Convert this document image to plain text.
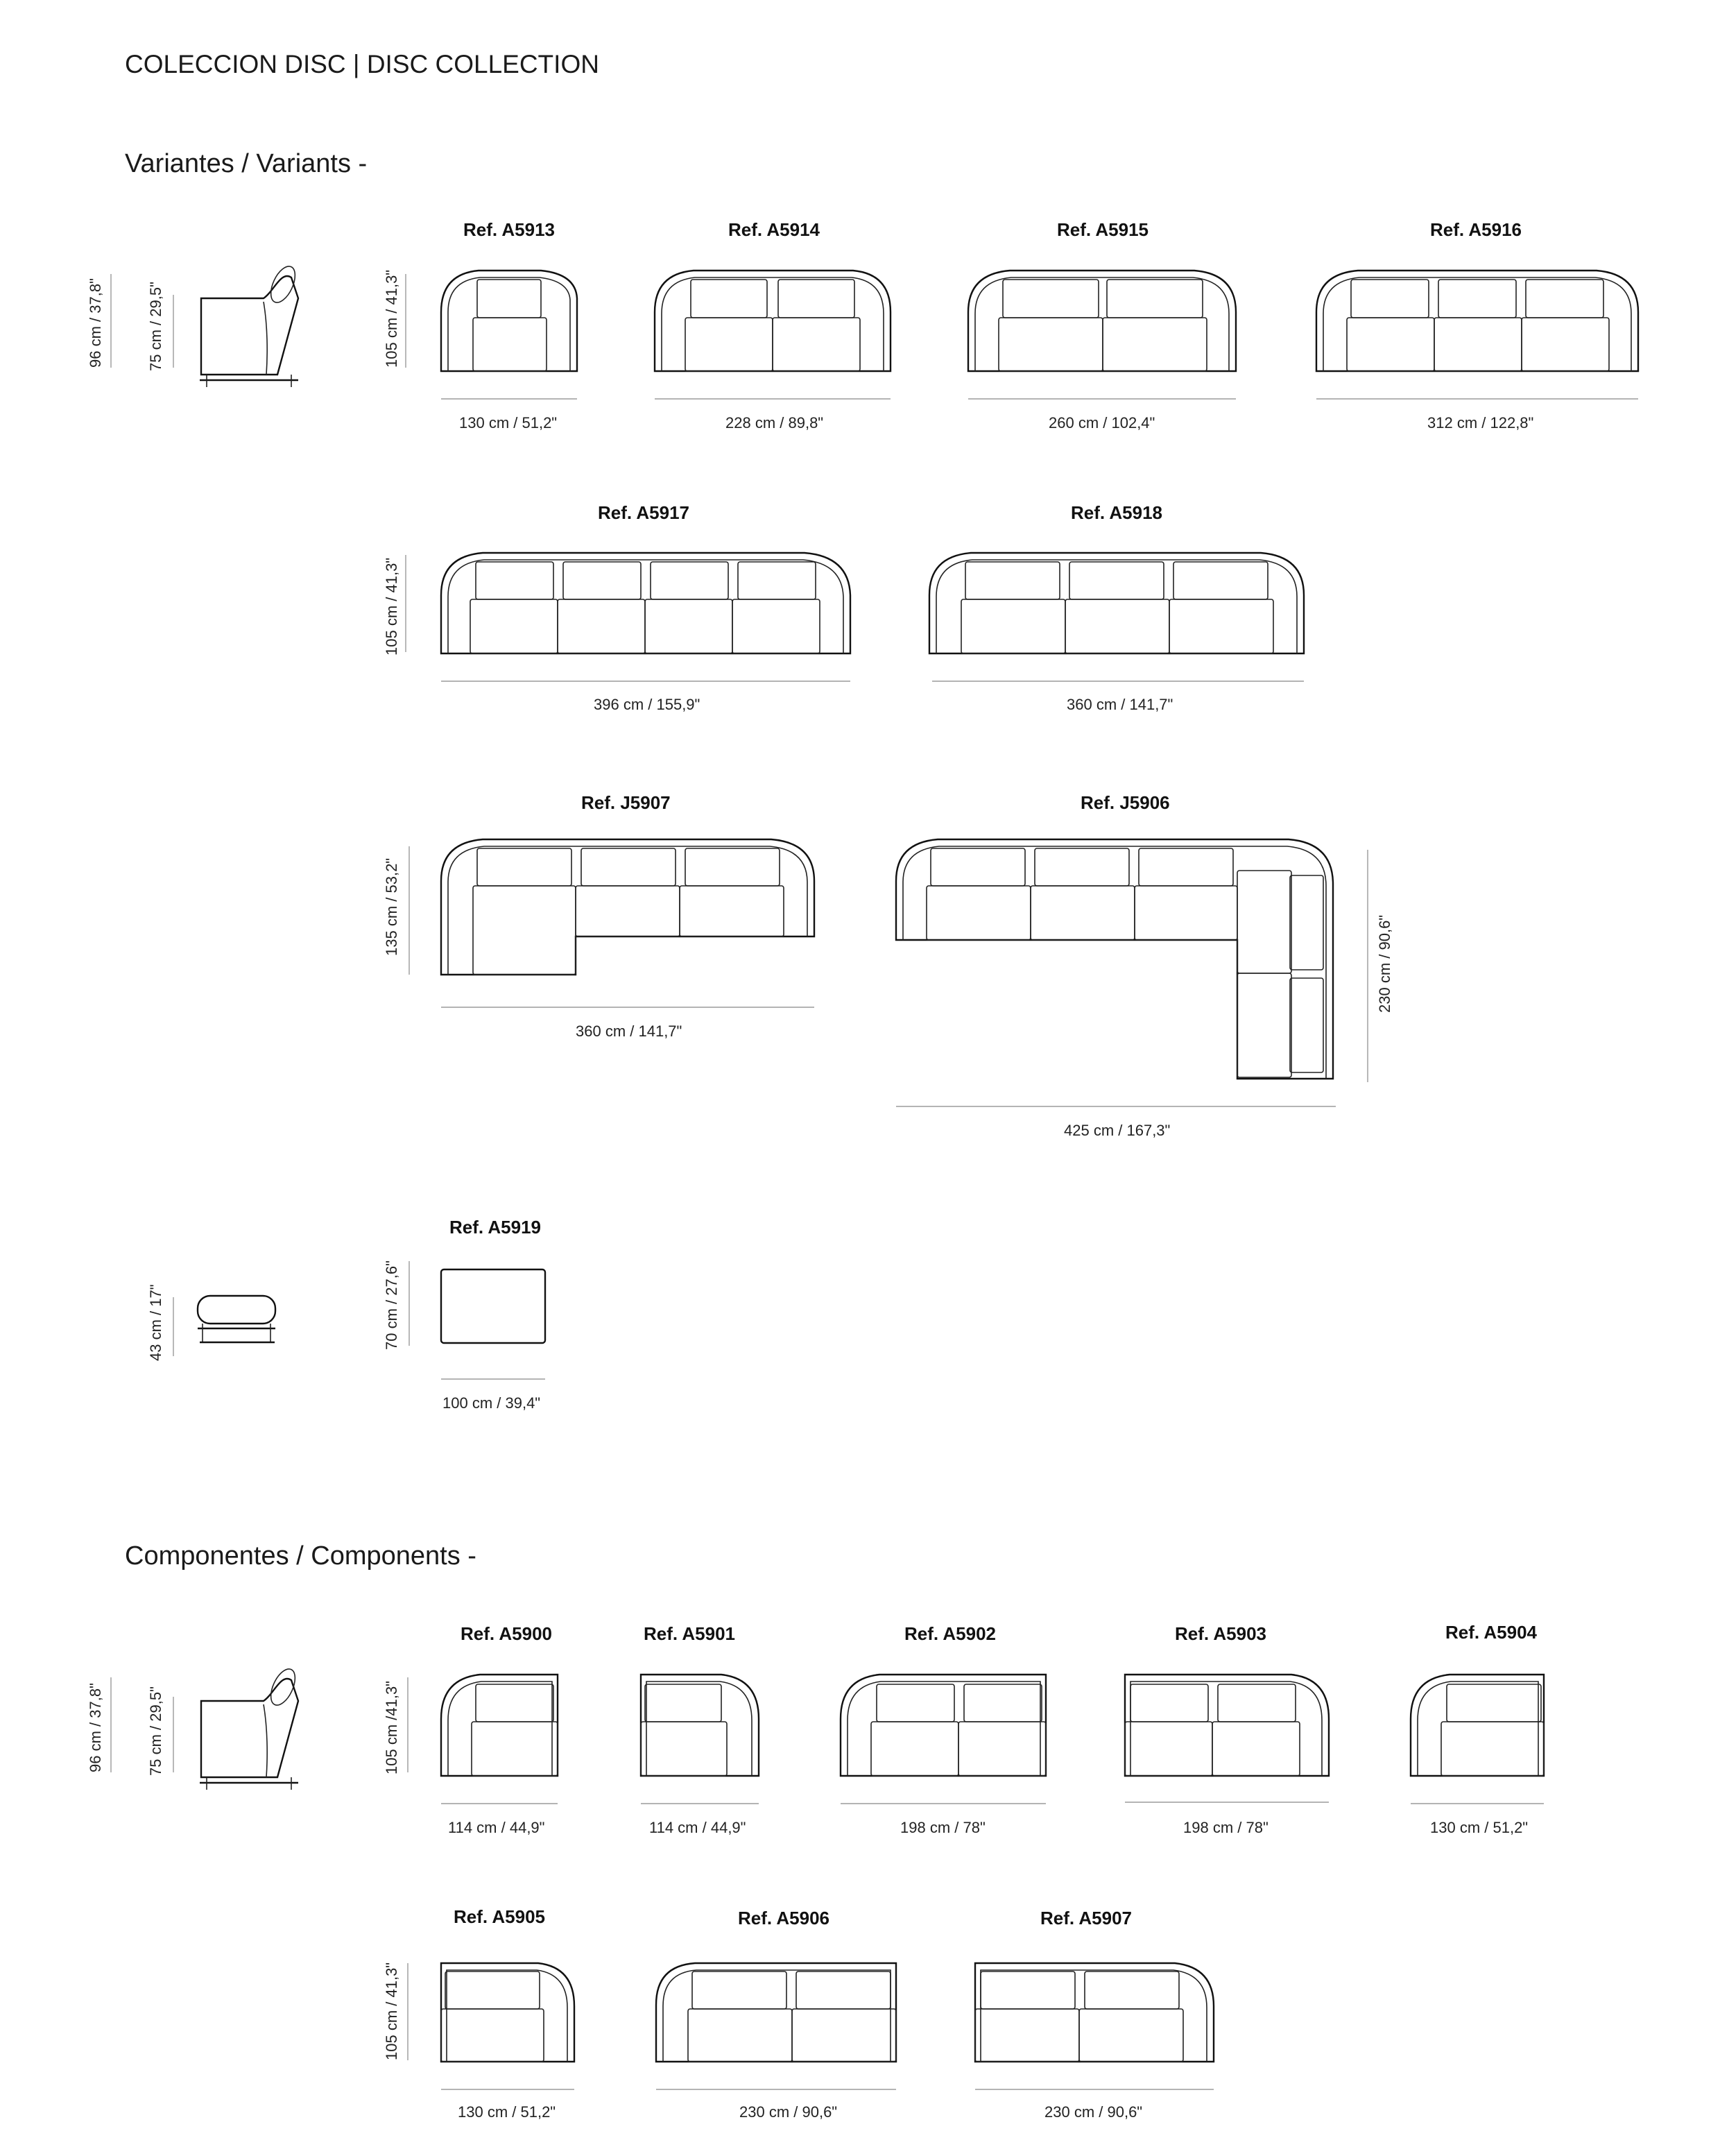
COLECCION DISC | DISC COLLECTION
Variantes / Variants -
96 cm / 37,8"	75 cm / 29,5"	105 cm / 41,3"
Ref. A5913
130 cm / 51,2"
Ref. A5914
228 cm / 89,8"
Ref. A5915
260 cm / 102,4"
Ref. A5916
312 cm / 122,8"
105 cm / 41,3"
Ref. A5917
396 cm / 155,9"
Ref. A5918
360 cm / 141,7"
135 cm / 53,2"
Ref. J5907
360 cm / 141,7"
Ref. J5906
425 cm / 167,3"
230 cm / 90,6"
43 cm / 17"	70 cm / 27,6"
Ref. A5919
100 cm / 39,4"
Componentes / Components -
96 cm / 37,8"	75 cm / 29,5"	105 cm /41,3"
Ref. A5900
114 cm / 44,9"
Ref. A5901
114 cm / 44,9"
Ref. A5902
198 cm / 78"
Ref. A5903
198 cm / 78"
Ref. A5904
130 cm / 51,2"
105 cm / 41,3"
Ref. A5905
130 cm / 51,2"
Ref. A5906
230 cm / 90,6"
Ref. A5907
230 cm / 90,6"
